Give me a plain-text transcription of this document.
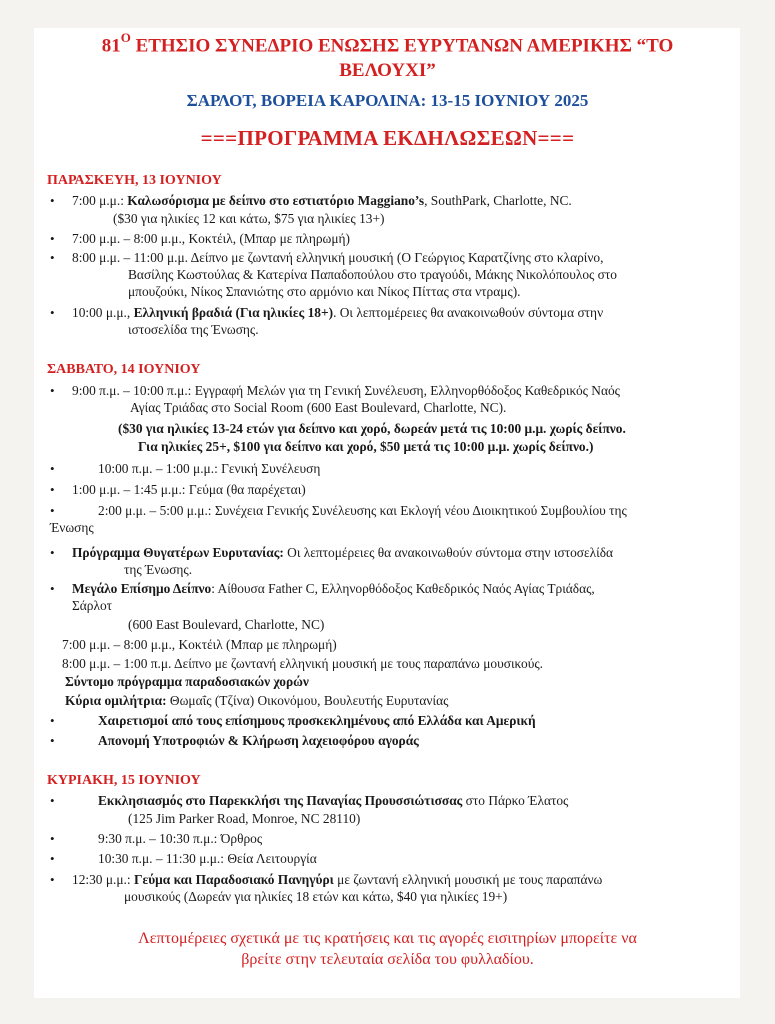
$81^O$ ΕΤΗΣΙΟ ΣΥΝΕΔΡΙΟ ΕΝΩΣΗΣ ΕΥΡΥΤΑΝΩΝ ΑΜΕΡΙΚΗΣ “ΤΟ
ΒΕΛΟΥΧΙ”
ΣΑΡΛΟΤ, ΒΟΡΕΙΑ ΚΑΡΟΛΙΝΑ: 13-15 ΙΟΥΝΙΟΥ 2025
===ΠΡΟΓΡΑΜΜΑ ΕΚΔΗΛΩΣΕΩΝ===
ΠΑΡΑΣΚΕΥΗ, 13 ΙΟΥΝΙΟΥ
• 7:00 μ.μ.: Καλωσόρισμα με δείπνο στο εστιατόριο Maggiano’s, SouthPark, Charlotte, NC.
($30 για ηλικίες 12 και κάτω, $75 για ηλικίες 13+)
• 7:00 μ.μ. – 8:00 μ.μ., Κοκτέιλ, (Μπαρ με πληρωμή)
• 8:00 μ.μ. – 11:00 μ.μ. Δείπνο με ζωντανή ελληνική μουσική (Ο Γεώργιος Καρατζίνης στο κλαρίνο,
Βασίλης Κωστούλας & Κατερίνα Παπαδοπούλου στο τραγούδι, Μάκης Νικολόπουλος στο
μπουζούκι, Νίκος Σπανιώτης στο αρμόνιο και Νίκος Πίττας στα ντραμς).
• 10:00 μ.μ., Ελληνική βραδιά (Για ηλικίες 18+). Οι λεπτομέρειες θα ανακοινωθούν σύντομα στην
ιστοσελίδα της Ένωσης.
ΣΑΒΒΑΤΟ, 14 ΙΟΥΝΙΟΥ
• 9:00 π.μ. – 10:00 π.μ.: Εγγραφή Μελών για τη Γενική Συνέλευση, Ελληνορθόδοξος Καθεδρικός Ναός
Αγίας Τριάδας στο Social Room (600 East Boulevard, Charlotte, NC).
($30 για ηλικίες 13-24 ετών για δείπνο και χορό, δωρεάν μετά τις 10:00 μ.μ. χωρίς δείπνο.
Για ηλικίες 25+, $100 για δείπνο και χορό, $50 μετά τις 10:00 μ.μ. χωρίς δείπνο.)
•	10:00 π.μ. – 1:00 μ.μ.: Γενική Συνέλευση
• 1:00 μ.μ. – 1:45 μ.μ.: Γεύμα (θα παρέχεται)
•	2:00 μ.μ. – 5:00 μ.μ.: Συνέχεια Γενικής Συνέλευσης και Εκλογή νέου Διοικητικού Συμβουλίου της
Ένωσης
• Πρόγραμμα Θυγατέρων Ευρυτανίας: Οι λεπτομέρειες θα ανακοινωθούν σύντομα στην ιστοσελίδα
της Ένωσης.
• Μεγάλο Επίσημο Δείπνο: Αίθουσα Father C, Ελληνορθόδοξος Καθεδρικός Ναός Αγίας Τριάδας,
Σάρλοτ
(600 East Boulevard, Charlotte, NC)
7:00 μ.μ. – 8:00 μ.μ., Κοκτέιλ (Μπαρ με πληρωμή)
8:00 μ.μ. – 1:00 π.μ. Δείπνο με ζωντανή ελληνική μουσική με τους παραπάνω μουσικούς.
Σύντομο πρόγραμμα παραδοσιακών χορών
Κύρια ομιλήτρια: Θωμαΐς (Τζίνα) Οικονόμου, Βουλευτής Ευρυτανίας
•	Χαιρετισμοί από τους επίσημους προσκεκλημένους από Ελλάδα και Αμερική
•	Απονομή Υποτροφιών & Κλήρωση λαχειοφόρου αγοράς
ΚΥΡΙΑΚΗ, 15 ΙΟΥΝΙΟΥ
•	Εκκλησιασμός στο Παρεκκλήσι της Παναγίας Προυσσιώτισσας στο Πάρκο Έλατος
(125 Jim Parker Road, Monroe, NC 28110)
•	9:30 π.μ. – 10:30 π.μ.: Όρθρος
•	10:30 π.μ. – 11:30 μ.μ.: Θεία Λειτουργία
• 12:30 μ.μ.: Γεύμα και Παραδοσιακό Πανηγύρι με ζωντανή ελληνική μουσική με τους παραπάνω
μουσικούς (Δωρεάν για ηλικίες 18 ετών και κάτω, $40 για ηλικίες 19+)
Λεπτομέρειες σχετικά με τις κρατήσεις και τις αγορές εισιτηρίων μπορείτε να
βρείτε στην τελευταία σελίδα του φυλλαδίου.
